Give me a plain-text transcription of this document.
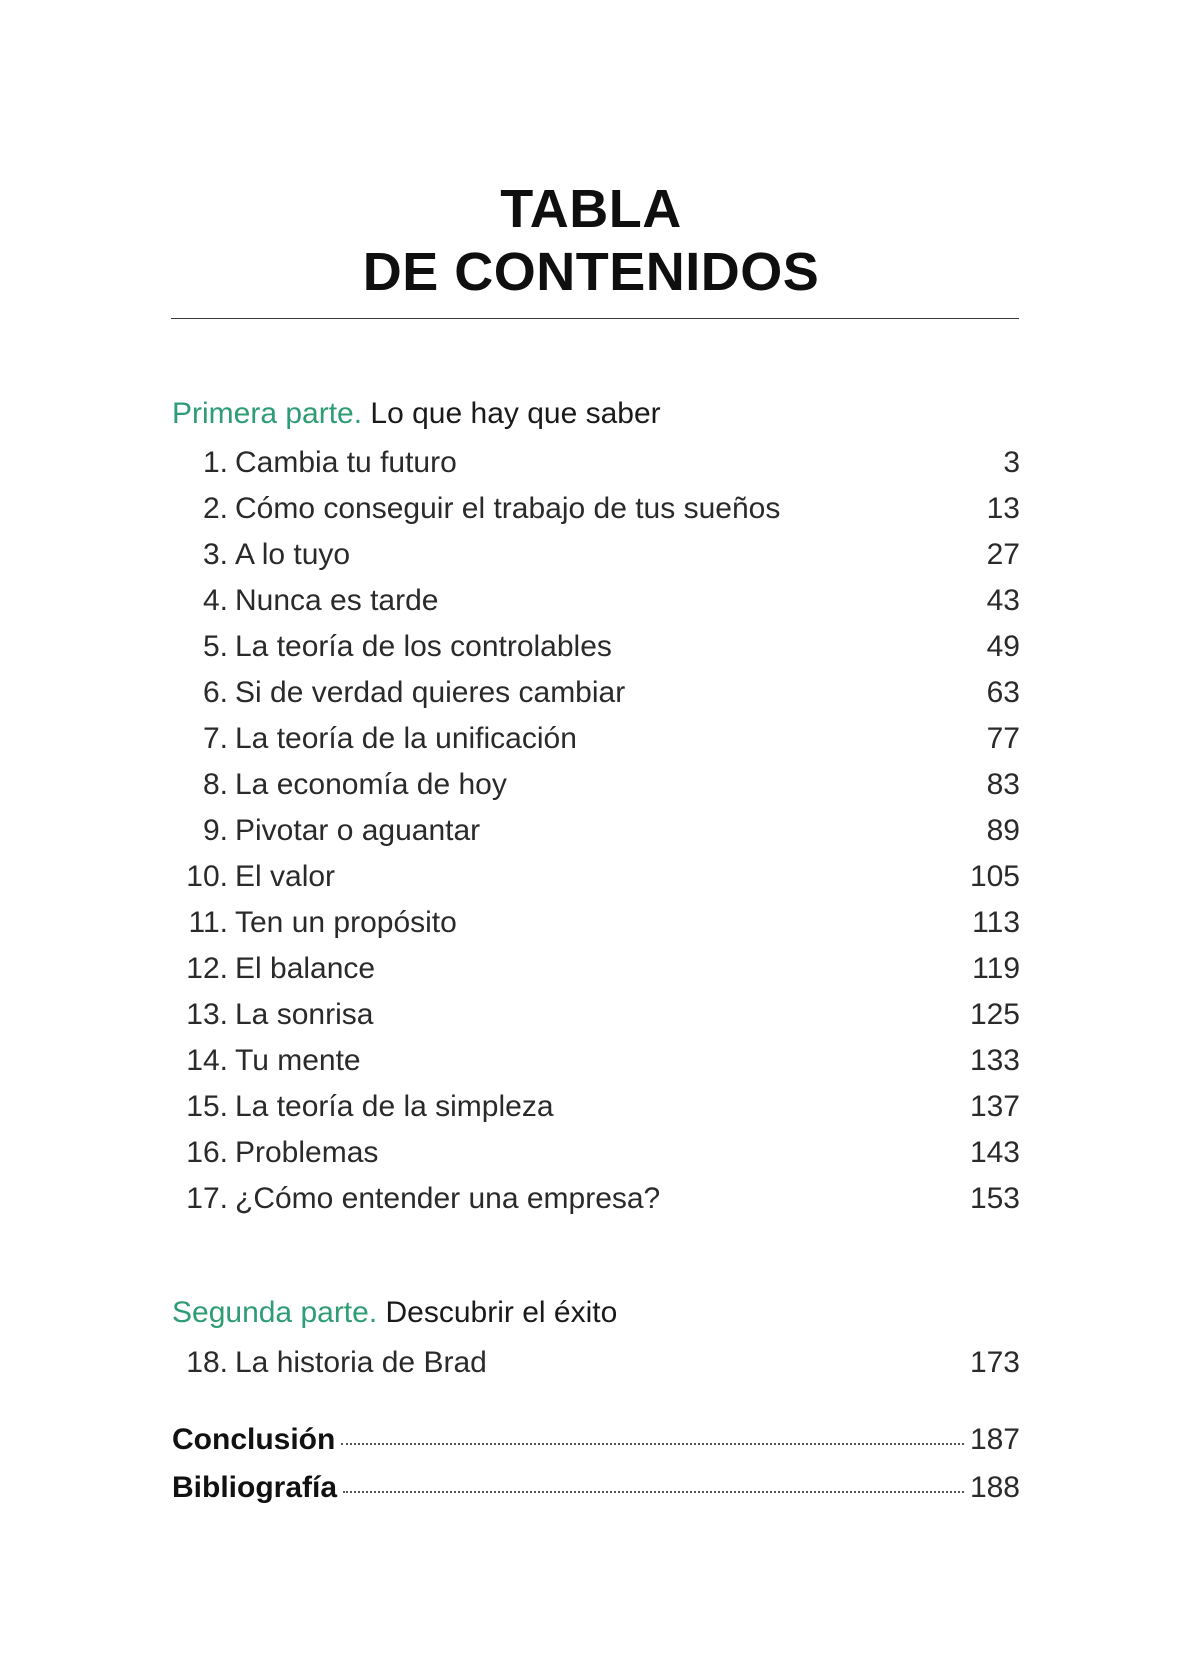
TABLA
DE CONTENIDOS
Primera parte. Lo que hay que saber
1. Cambia tu futuro	3
2. Cómo conseguir el trabajo de tus sueños	13
3. A lo tuyo	27
4. Nunca es tarde	43
5. La teoría de los controlables	49
6. Si de verdad quieres cambiar	63
7. La teoría de la unificación	77
8. La economía de hoy	83
9. Pivotar o aguantar	89
10. El valor	105
11. Ten un propósito	113
12. El balance	119
13. La sonrisa	125
14. Tu mente	133
15. La teoría de la simpleza	137
16. Problemas	143
17. ¿Cómo entender una empresa?	153
Segunda parte. Descubrir el éxito
18. La historia de Brad	173
Conclusión	187
Bibliografía	188
